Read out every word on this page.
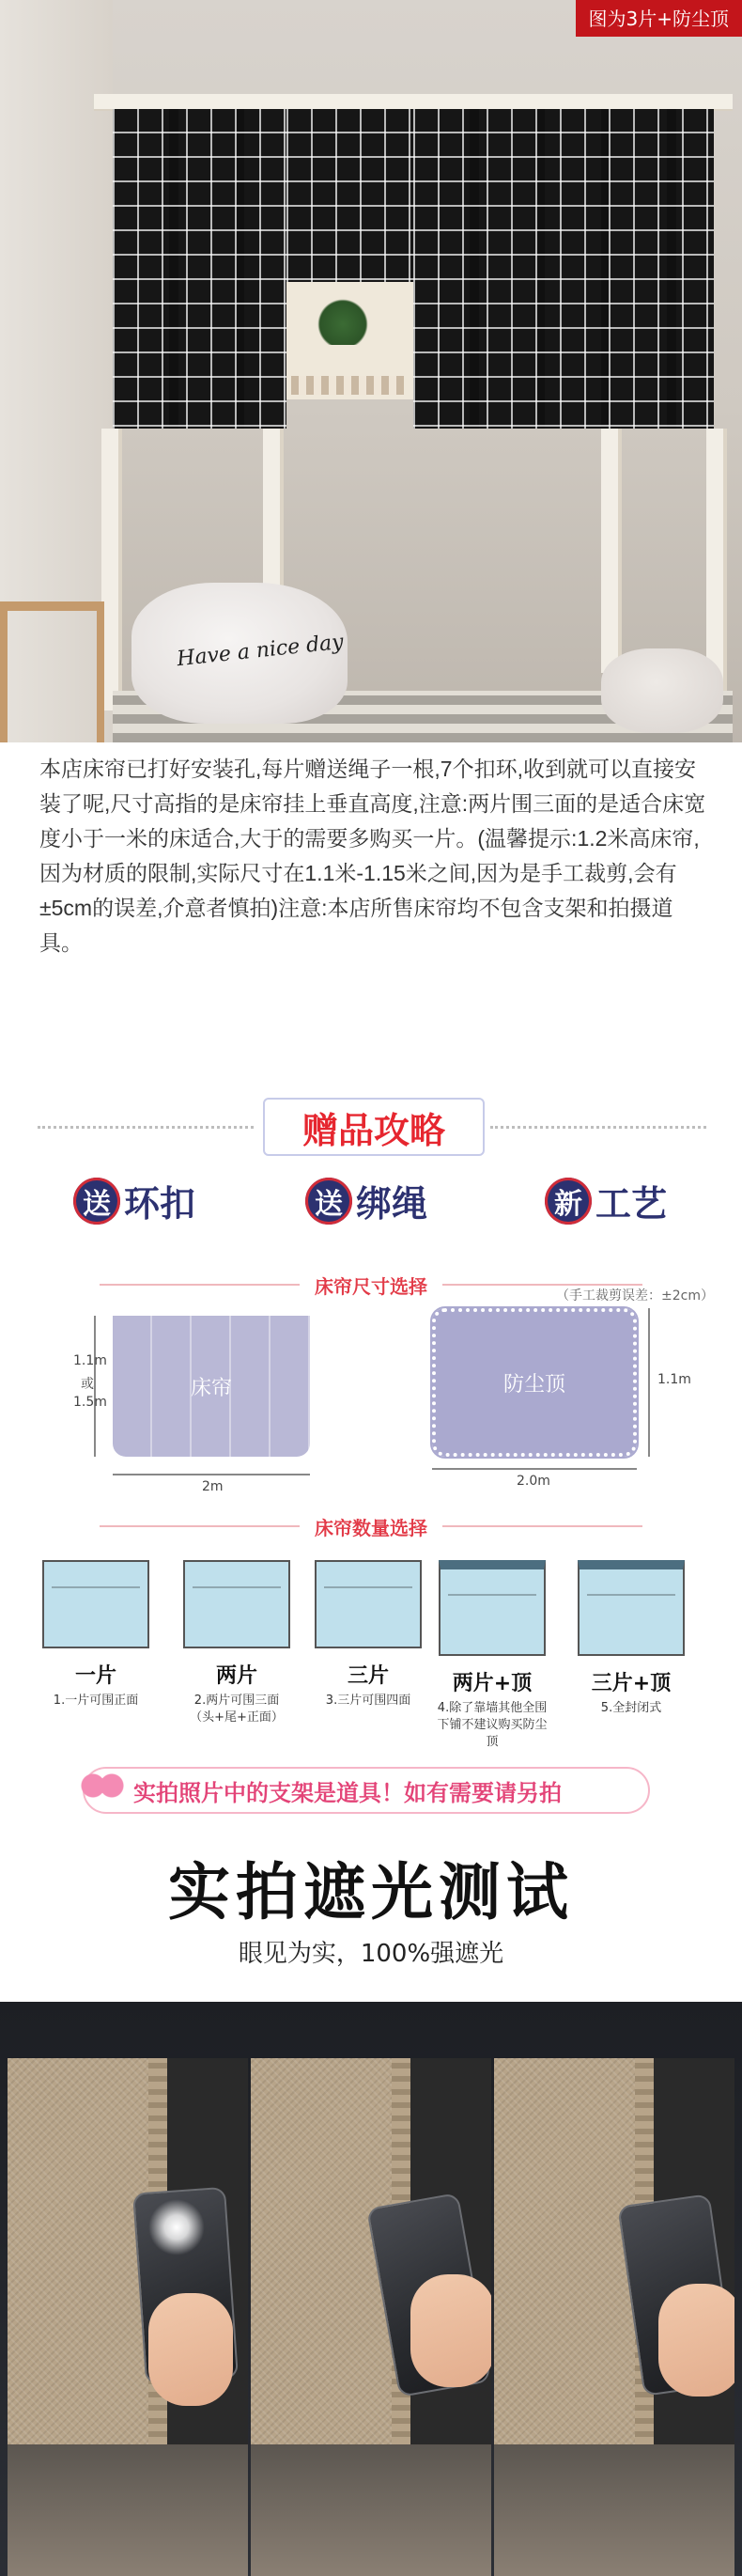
Have a nice day
图为3片+防尘顶
本店床帘已打好安装孔,每片赠送绳子一根,7个扣环,收到就可以直接安装了呢,尺寸高指的是床帘挂上垂直高度,注意:两片围三面的是适合床宽度小于一米的床适合,大于的需要多购买一片。(温馨提示:1.2米高床帘,因为材质的限制,实际尺寸在1.1米-1.15米之间,因为是手工裁剪,会有±5cm的误差,介意者慎拍)注意:本店所售床帘均不包含支架和拍摄道具。
赠品攻略
送 环扣	送 绑绳	新 工艺
床帘尺寸选择	（手工裁剪误差：±2cm）
1.1m
或
1.5m
床帘
2m
防尘顶	1.1m
2.0m
床帘数量选择
一片
1.一片可围正面
两片
2.两片可围三面
（头+尾+正面）
三片
3.三片可围四面
两片+顶
4.除了靠墙其他全围
下铺不建议购买防尘顶
三片+顶
5.全封闭式
实拍照片中的支架是道具！如有需要请另拍
实拍遮光测试
眼见为实，100%强遮光
